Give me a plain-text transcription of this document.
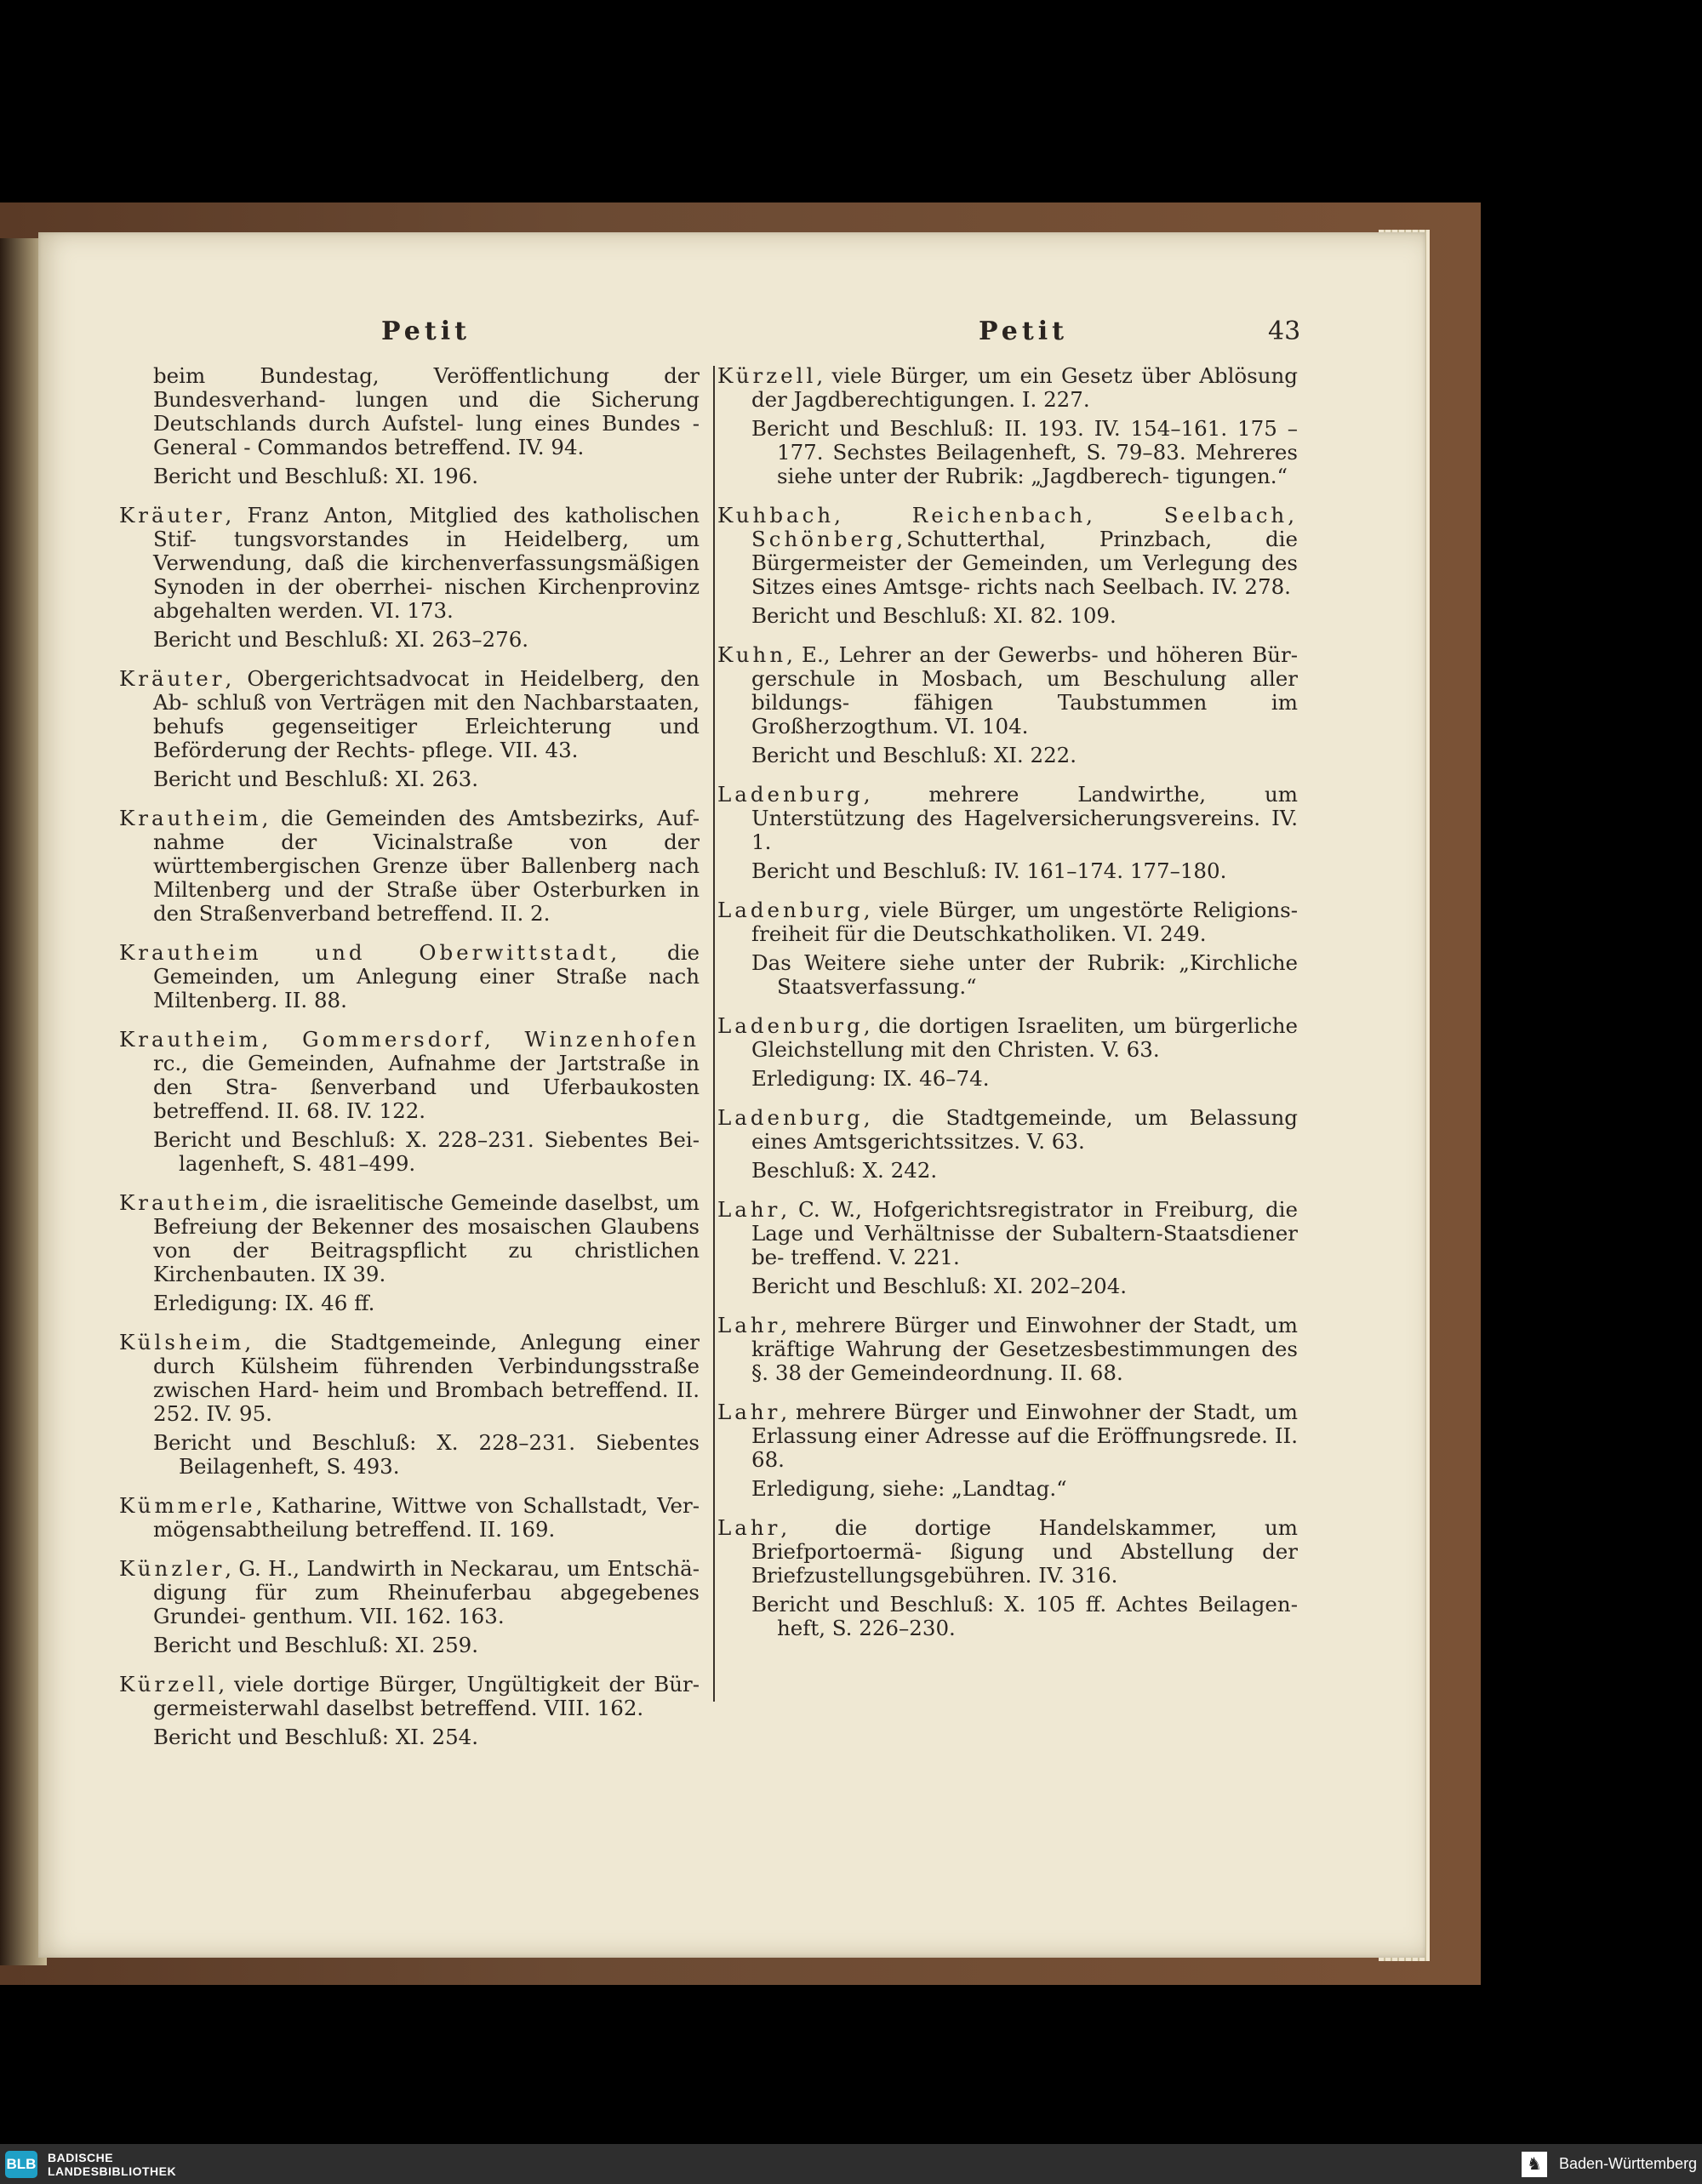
Petit	Petit	43

beim Bundestag, Veröffentlichung der Bundesverhand- lungen und die Sicherung Deutschlands durch Aufstel- lung eines Bundes - General - Commandos betreffend. IV. 94.

Bericht und Beschluß: XI. 196.

Kräuter, Franz Anton, Mitglied des katholischen Stif- tungsvorstandes in Heidelberg, um Verwendung, daß die kirchenverfassungsmäßigen Synoden in der oberrhei- nischen Kirchenprovinz abgehalten werden. VI. 173.

Bericht und Beschluß: XI. 263–276.

Kräuter, Obergerichtsadvocat in Heidelberg, den Ab- schluß von Verträgen mit den Nachbarstaaten, behufs gegenseitiger Erleichterung und Beförderung der Rechts- pflege. VII. 43.

Bericht und Beschluß: XI. 263.

Krautheim, die Gemeinden des Amtsbezirks, Auf- nahme der Vicinalstraße von der württembergischen Grenze über Ballenberg nach Miltenberg und der Straße über Osterburken in den Straßenverband betreffend. II. 2.

Krautheim und Oberwittstadt, die Gemeinden, um Anlegung einer Straße nach Miltenberg. II. 88.

Krautheim, Gommersdorf, Winzenhofen rc., die Gemeinden, Aufnahme der Jartstraße in den Stra- ßenverband und Uferbaukosten betreffend. II. 68. IV. 122.

Bericht und Beschluß: X. 228–231. Siebentes Bei- lagenheft, S. 481–499.

Krautheim, die israelitische Gemeinde daselbst, um Befreiung der Bekenner des mosaischen Glaubens von der Beitragspflicht zu christlichen Kirchenbauten. IX 39.

Erledigung: IX. 46 ff.

Külsheim, die Stadtgemeinde, Anlegung einer durch Külsheim führenden Verbindungsstraße zwischen Hard- heim und Brombach betreffend. II. 252. IV. 95.

Bericht und Beschluß: X. 228–231. Siebentes Beilagenheft, S. 493.

Kümmerle, Katharine, Wittwe von Schallstadt, Ver- mögensabtheilung betreffend. II. 169.

Künzler, G. H., Landwirth in Neckarau, um Entschä- digung für zum Rheinuferbau abgegebenes Grundei- genthum. VII. 162. 163.

Bericht und Beschluß: XI. 259.

Kürzell, viele dortige Bürger, Ungültigkeit der Bür- germeisterwahl daselbst betreffend. VIII. 162.

Bericht und Beschluß: XI. 254.

Kürzell, viele Bürger, um ein Gesetz über Ablösung der Jagdberechtigungen. I. 227.

Bericht und Beschluß: II. 193. IV. 154–161. 175 –177. Sechstes Beilagenheft, S. 79–83. Mehreres siehe unter der Rubrik: „Jagdberech- tigungen.“

Kuhbach, Reichenbach, Seelbach, Schönberg,Schutterthal, Prinzbach, die Bürgermeister der Gemeinden, um Verlegung des Sitzes eines Amtsge- richts nach Seelbach. IV. 278.

Bericht und Beschluß: XI. 82. 109.

Kuhn, E., Lehrer an der Gewerbs- und höheren Bür- gerschule in Mosbach, um Beschulung aller bildungs-	fähigen Taubstummen im Großherzogthum. VI. 104.

Bericht und Beschluß: XI. 222.

Ladenburg, mehrere Landwirthe, um Unterstützung des Hagelversicherungsvereins. IV. 1.

Bericht und Beschluß: IV. 161–174. 177–180.

Ladenburg, viele Bürger, um ungestörte Religions- freiheit für die Deutschkatholiken. VI. 249.

Das Weitere siehe unter der Rubrik: „Kirchliche Staatsverfassung.“

Ladenburg, die dortigen Israeliten, um bürgerliche Gleichstellung mit den Christen. V. 63.

Erledigung: IX. 46–74.

Ladenburg, die Stadtgemeinde, um Belassung eines Amtsgerichtssitzes. V. 63.

Beschluß: X. 242.

Lahr, C. W., Hofgerichtsregistrator in Freiburg, die Lage und Verhältnisse der Subaltern-Staatsdiener be- treffend. V. 221.

Bericht und Beschluß: XI. 202–204.

Lahr, mehrere Bürger und Einwohner der Stadt, um kräftige Wahrung der Gesetzesbestimmungen des §. 38 der Gemeindeordnung. II. 68.

Lahr, mehrere Bürger und Einwohner der Stadt, um Erlassung einer Adresse auf die Eröffnungsrede. II. 68.

Erledigung, siehe: „Landtag.“

Lahr, die dortige Handelskammer, um Briefportoermä- ßigung und Abstellung der Briefzustellungsgebühren. IV. 316.

Bericht und Beschluß: X. 105 ff. Achtes Beilagen- heft, S. 226–230.

BLB BADISCHE
LANDESBIBLIOTHEK	♞	Baden-Württemberg
